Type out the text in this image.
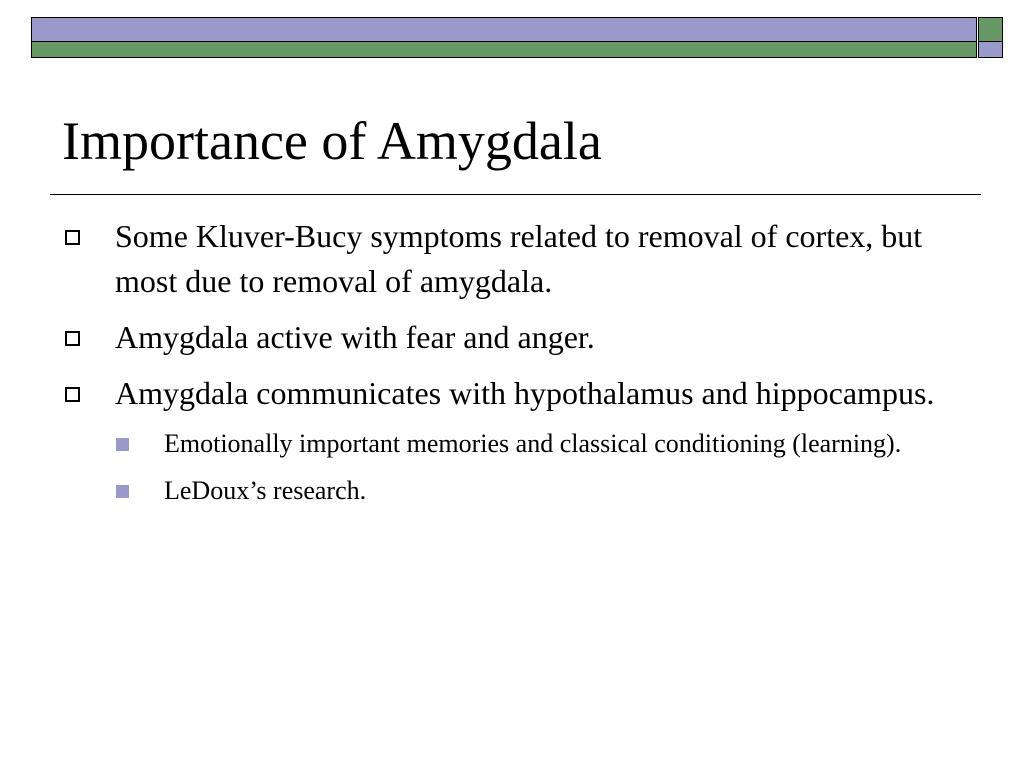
Importance of Amygdala
Some Kluver-Bucy symptoms related to removal of cortex, but most due to removal of amygdala.
Amygdala active with fear and anger.
Amygdala communicates with hypothalamus and hippocampus.
Emotionally important memories and classical conditioning (learning).
LeDoux’s research.
